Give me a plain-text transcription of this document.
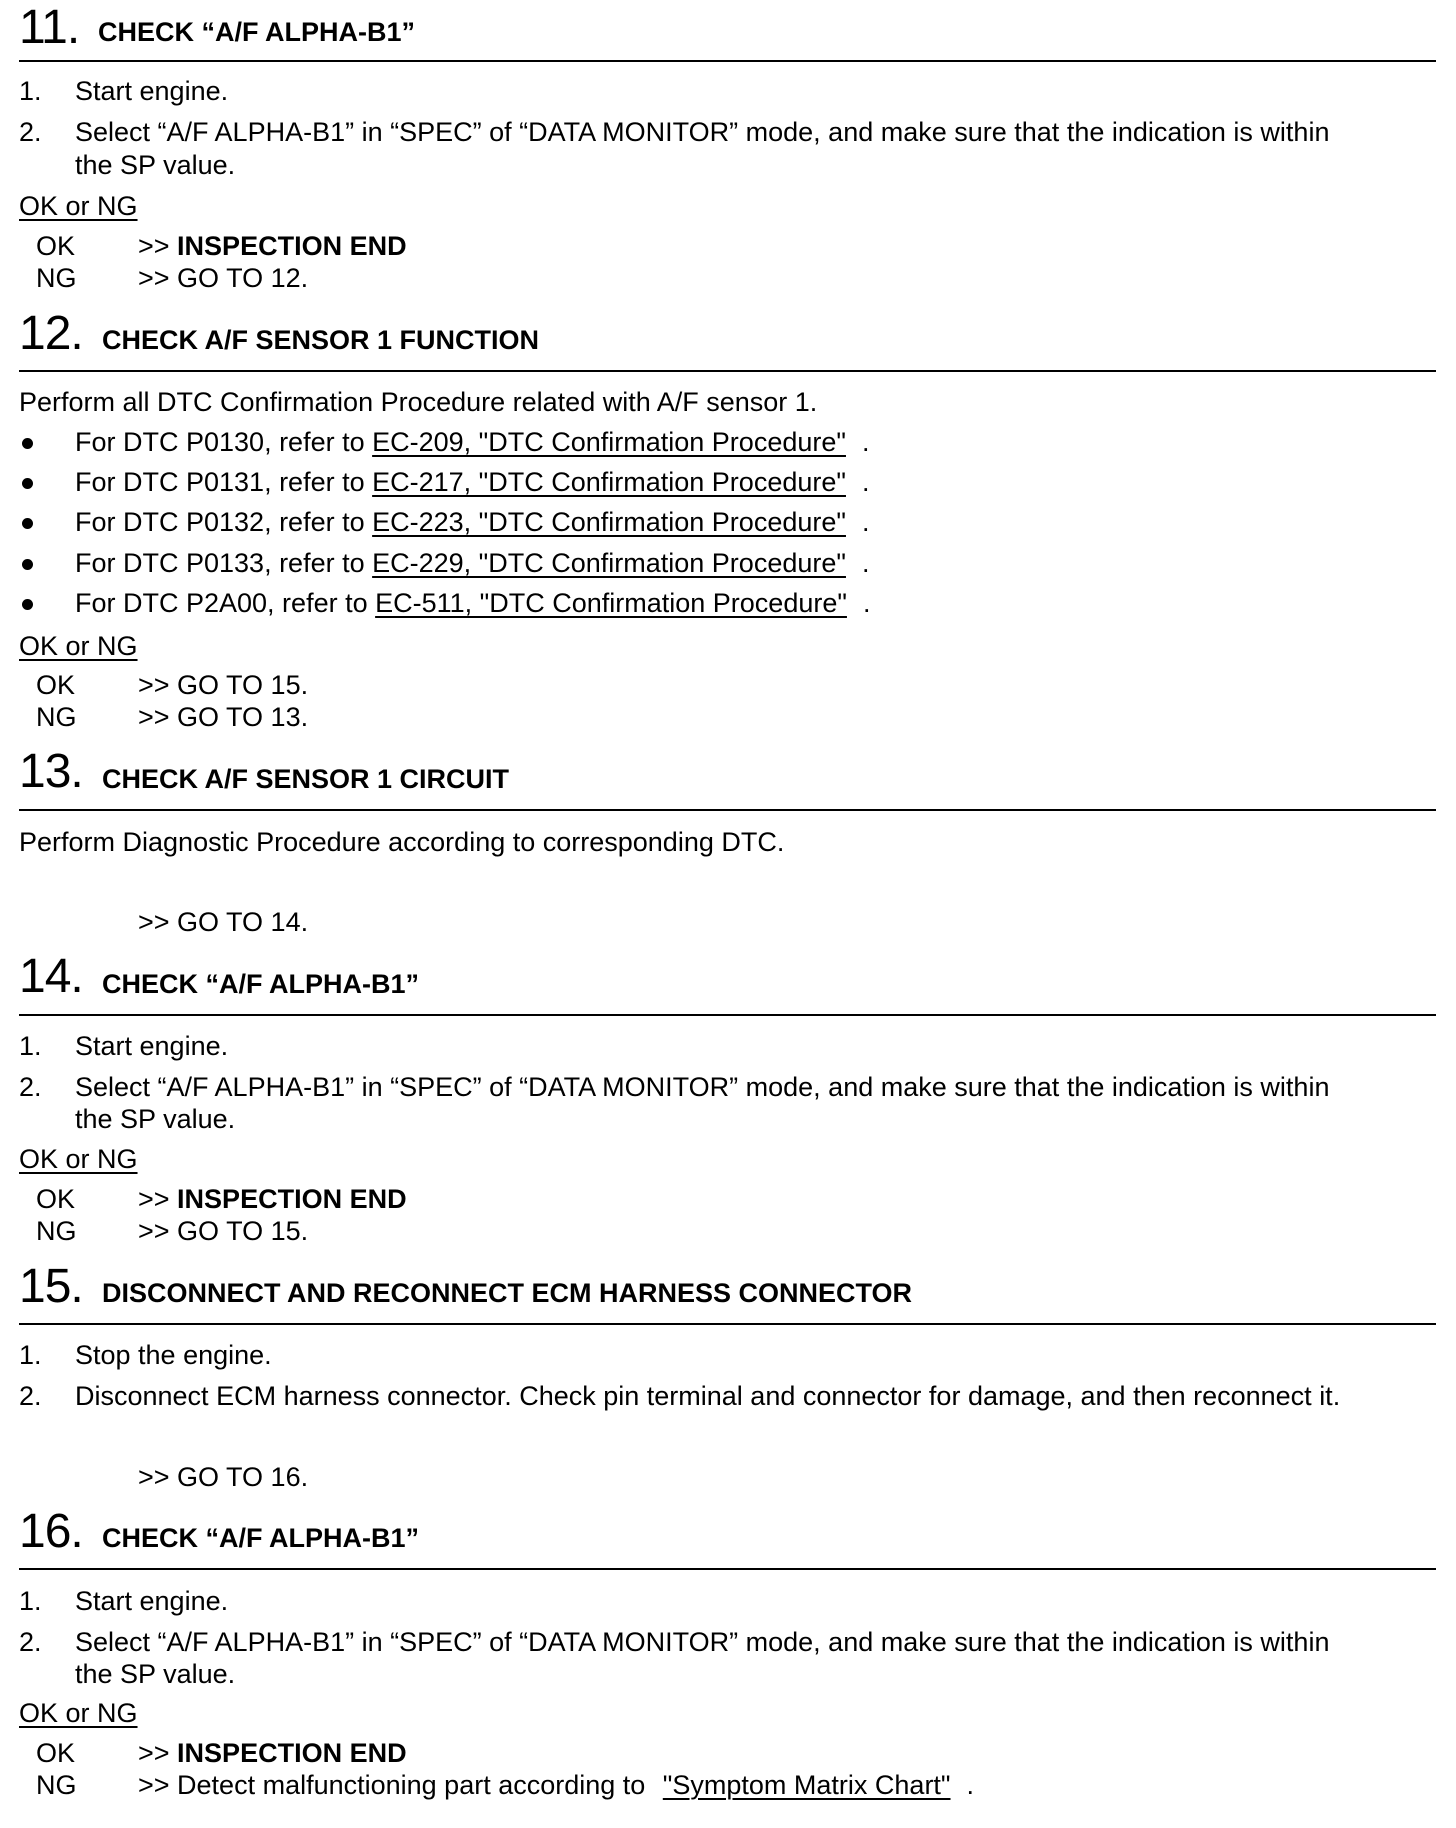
11. CHECK “A/F ALPHA-B1”
1. Start engine.
2. Select “A/F ALPHA-B1” in “SPEC” of “DATA MONITOR” mode, and make sure that the indication is within
the SP value.
OK or NG
OK >> INSPECTION END
NG >> GO TO 12.
12. CHECK A/F SENSOR 1 FUNCTION
Perform all DTC Confirmation Procedure related with A/F sensor 1.
For DTC P0130, refer to EC-209, "DTC Confirmation Procedure" .
For DTC P0131, refer to EC-217, "DTC Confirmation Procedure" .
For DTC P0132, refer to EC-223, "DTC Confirmation Procedure" .
For DTC P0133, refer to EC-229, "DTC Confirmation Procedure" .
For DTC P2A00, refer to EC-511, "DTC Confirmation Procedure" .
OK or NG
OK >> GO TO 15.
NG >> GO TO 13.
13. CHECK A/F SENSOR 1 CIRCUIT
Perform Diagnostic Procedure according to corresponding DTC.
>> GO TO 14.
14. CHECK “A/F ALPHA-B1”
1. Start engine.
2. Select “A/F ALPHA-B1” in “SPEC” of “DATA MONITOR” mode, and make sure that the indication is within
the SP value.
OK or NG
OK >> INSPECTION END
NG >> GO TO 15.
15. DISCONNECT AND RECONNECT ECM HARNESS CONNECTOR
1. Stop the engine.
2. Disconnect ECM harness connector. Check pin terminal and connector for damage, and then reconnect it.
>> GO TO 16.
16. CHECK “A/F ALPHA-B1”
1. Start engine.
2. Select “A/F ALPHA-B1” in “SPEC” of “DATA MONITOR” mode, and make sure that the indication is within
the SP value.
OK or NG
OK >> INSPECTION END
NG >> Detect malfunctioning part according to "Symptom Matrix Chart" .
